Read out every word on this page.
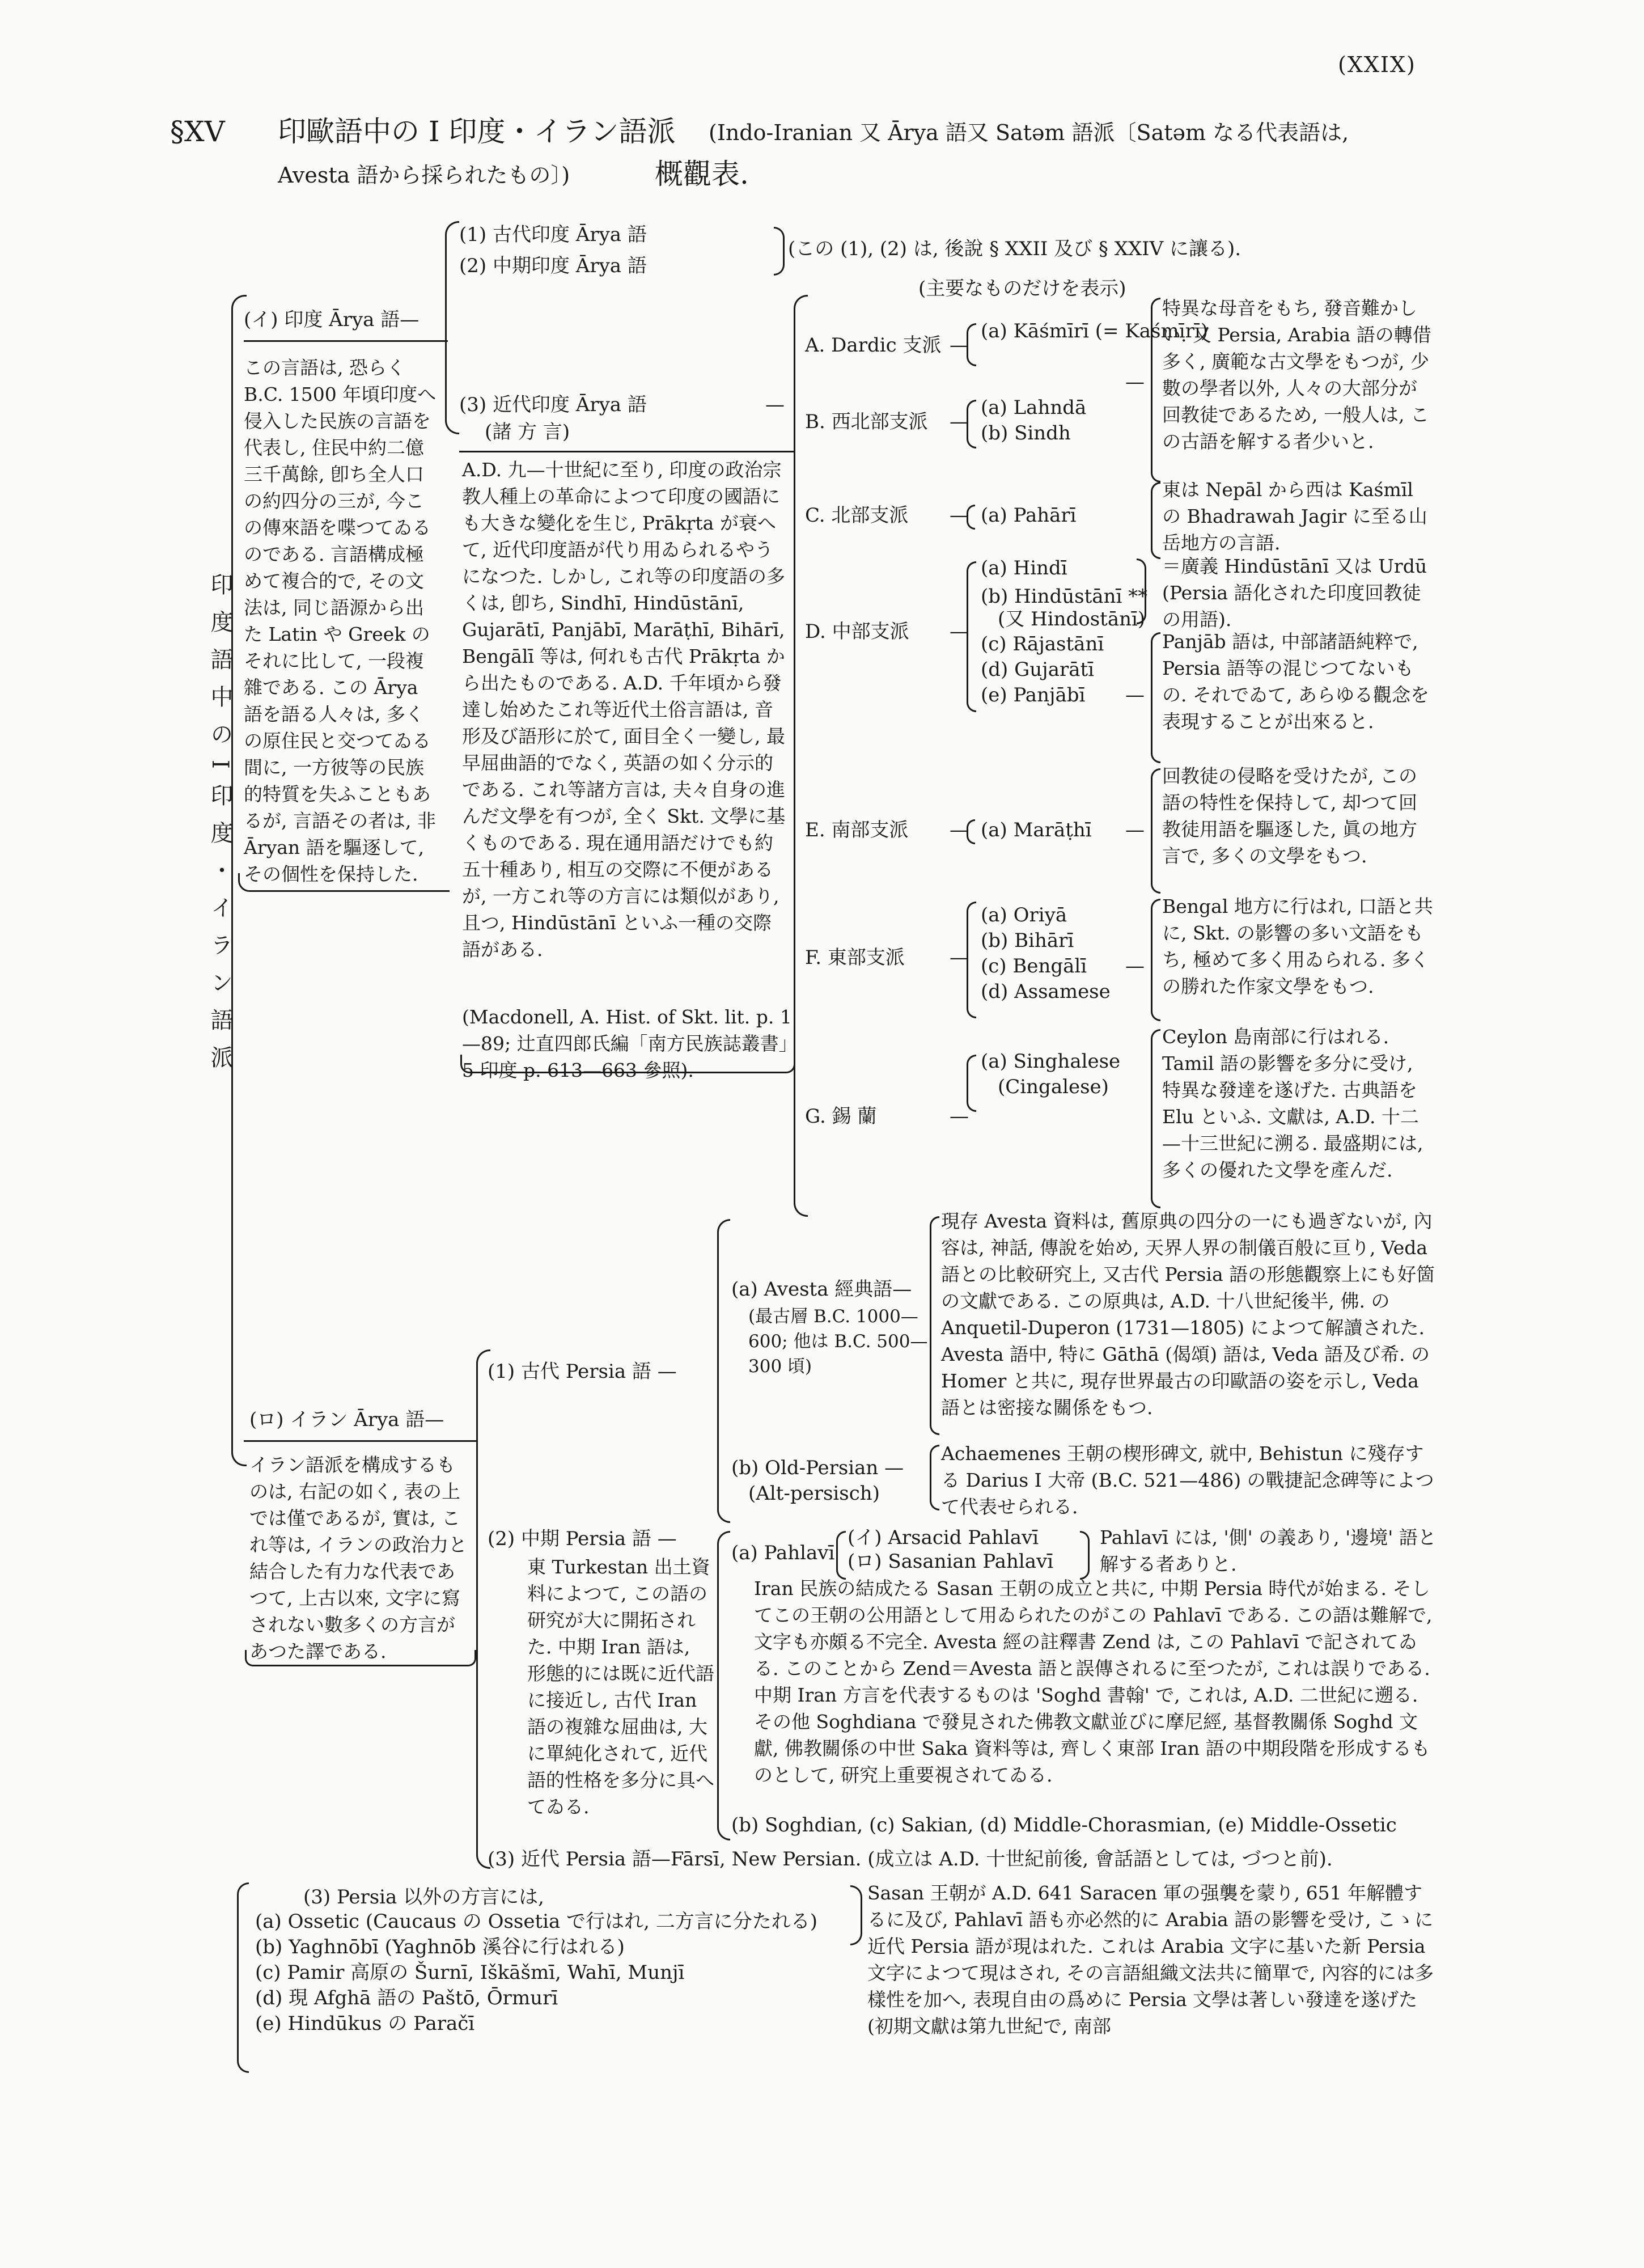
(XXIX)
§XV 印歐語中の Ⅰ 印度・イラン語派 (Indo-Iranian 又 Ārya 語又 Satəm 語派〔Satəm なる代表語は,
Avesta 語から採られたもの〕)	概觀表.
印度語中のI印度・イラン語派
(イ) 印度 Ārya 語—
この言語は, 恐らく B.C. 1500 年頃印度へ侵入した民族の言語を代表し, 住民中約二億三千萬餘, 卽ち全人口の約四分の三が, 今この傳來語を喋つてゐるのである. 言語構成極めて複合的で, その文法は, 同じ語源から出た Latin や Greek のそれに比して, 一段複雜である. この Ārya 語を語る人々は, 多くの原住民と交つてゐる間に, 一方彼等の民族的特質を失ふこともあるが, 言語その者は, 非 Āryan 語を驅逐して, その個性を保持した.
(1) 古代印度 Ārya 語
(2) 中期印度 Ārya 語
(この (1), (2) は, 後說 § XXII 及び § XXIV に讓る).
(3) 近代印度 Ārya 語
(諸 方 言)
—
A.D. 九—十世紀に至り, 印度の政治宗教人種上の革命によつて印度の國語にも大きな變化を生じ, Prākṛta が衰へて, 近代印度語が代り用ゐられるやうになつた. しかし, これ等の印度語の多くは, 卽ち, Sindhī, Hindūstānī, Gujarātī, Panjābī, Marāṭhī, Bihārī, Bengālī 等は, 何れも古代 Prākṛta から出たものである. A.D. 千年頃から發達し始めたこれ等近代土俗言語は, 音形及び語形に於て, 面目全く一變し, 最早屈曲語的でなく, 英語の如く分示的である. これ等諸方言は, 夫々自身の進んだ文學を有つが, 全く Skt. 文學に基くものである. 現在通用語だけでも約五十種あり, 相互の交際に不便があるが, 一方これ等の方言には類似があり, 且つ, Hindūstānī といふ一種の交際語がある.
(Macdonell, A. Hist. of Skt. lit. p. 1—89; 辻直四郎氏編「南方民族誌叢書」5 印度 p. 613—663 參照).
(主要なものだけを表示)
A. Dardic 支派 —
(a) Kāśmīrī (= Kaśmīrī)
—
特異な母音をもち, 發音難かしい. 又 Persia, Arabia 語の轉借多く, 廣範な古文學をもつが, 少數の學者以外, 人々の大部分が回教徒であるため, 一般人は, この古語を解する者少いと.
B. 西北部支派 —
(a) Lahndā
(b) Sindh
C. 北部支派 — (a) Pahārī
東は Nepāl から西は Kaśmīl の Bhadrawah Jagir に至る山岳地方の言語.
D. 中部支派 —
(a) Hindī
(b) Hindūstānī **
(又 Hindostānī)
(c) Rājastānī
(d) Gujarātī
(e) Panjābī —
＝廣義 Hindūstānī 又は Urdū (Persia 語化された印度回教徒の用語).
Panjāb 語は, 中部諸語純粹で, Persia 語等の混じつてないもの. それでゐて, あらゆる觀念を表現することが出來ると.
E. 南部支派 — (a) Marāṭhī —
回教徒の侵略を受けたが, この語の特性を保持して, 却つて回教徒用語を驅逐した, 眞の地方言で, 多くの文學をもつ.
F. 東部支派 —
(a) Oriyā
(b) Bihārī
(c) Bengālī
(d) Assamese
—
Bengal 地方に行はれ, 口語と共に, Skt. の影響の多い文語をもち, 極めて多く用ゐられる. 多くの勝れた作家文學をもつ.
G. 錫 蘭	—
(a) Singhalese
(Cingalese)
Ceylon 島南部に行はれる. Tamil 語の影響を多分に受け, 特異な發達を遂げた. 古典語を Elu といふ. 文獻は, A.D. 十二—十三世紀に溯る. 最盛期には, 多くの優れた文學を產んだ.
(ロ) イラン Ārya 語—
イラン語派を構成するものは, 右記の如く, 表の上では僅であるが, 實は, これ等は, イランの政治力と結合した有力な代表であつて, 上古以來, 文字に寫されない數多くの方言があつた譯である.
(1) 古代 Persia 語 —
(a) Avesta 經典語—
(最古層 B.C. 1000—600; 他は B.C. 500—300 頃)
現存 Avesta 資料は, 舊原典の四分の一にも過ぎないが, 內容は, 神話, 傳說を始め, 天界人界の制儀百般に亘り, Veda 語との比較研究上, 又古代 Persia 語の形態觀察上にも好箇の文獻である. この原典は, A.D. 十八世紀後半, 佛. の Anquetil-Duperon (1731—1805) によつて解讀された. Avesta 語中, 特に Gāthā (偈頌) 語は, Veda 語及び希. の Homer と共に, 現存世界最古の印歐語の姿を示し, Veda 語とは密接な關係をもつ.
(b) Old-Persian —
(Alt-persisch)
Achaemenes 王朝の楔形碑文, 就中, Behistun に殘存する Darius I 大帝 (B.C. 521—486) の戰捷記念碑等によつて代表せられる.
(2) 中期 Persia 語 —
東 Turkestan 出土資料によつて, この語の研究が大に開拓された. 中期 Iran 語は, 形態的には既に近代語に接近し, 古代 Iran 語の複雜な屈曲は, 大に單純化されて, 近代語的性格を多分に具へてゐる.
(a) Pahlavī
(イ) Arsacid Pahlavī
(ロ) Sasanian Pahlavī
Pahlavī には, '側' の義あり, '邊境' 語と解する者ありと.
Iran 民族の結成たる Sasan 王朝の成立と共に, 中期 Persia 時代が始まる. そしてこの王朝の公用語として用ゐられたのがこの Pahlavī である. この語は難解で, 文字も亦頗る不完全. Avesta 經の註釋書 Zend は, この Pahlavī で記されてゐる. このことから Zend＝Avesta 語と誤傳されるに至つたが, これは誤りである. 中期 Iran 方言を代表するものは 'Soghd 書翰' で, これは, A.D. 二世紀に遡る. その他 Soghdiana で發見された佛教文獻並びに摩尼經, 基督教關係 Soghd 文獻, 佛教關係の中世 Saka 資料等は, 齊しく東部 Iran 語の中期段階を形成するものとして, 研究上重要視されてゐる.
(b) Soghdian, (c) Sakian, (d) Middle-Chorasmian, (e) Middle-Ossetic
(3) 近代 Persia 語—Fārsī, New Persian. (成立は A.D. 十世紀前後, 會話語としては, づつと前).
(3) Persia 以外の方言には,
(a) Ossetic (Caucaus の Ossetia で行はれ, 二方言に分たれる)
(b) Yaghnōbī (Yaghnōb 溪谷に行はれる)
(c) Pamir 高原の Šurnī, Iškāšmī, Wahī, Munjī
(d) 現 Afghā 語の Paštō, Ōrmurī
(e) Hindūkus の Paračī
Sasan 王朝が A.D. 641 Saracen 軍の强襲を蒙り, 651 年解體するに及び, Pahlavī 語も亦必然的に Arabia 語の影響を受け, こゝに近代 Persia 語が現はれた. これは Arabia 文字に基いた新 Persia 文字によつて現はされ, その言語組織文法共に簡單で, 內容的には多樣性を加へ, 表現自由の爲めに Persia 文學は著しい發達を遂げた (初期文獻は第九世紀で, 南部
